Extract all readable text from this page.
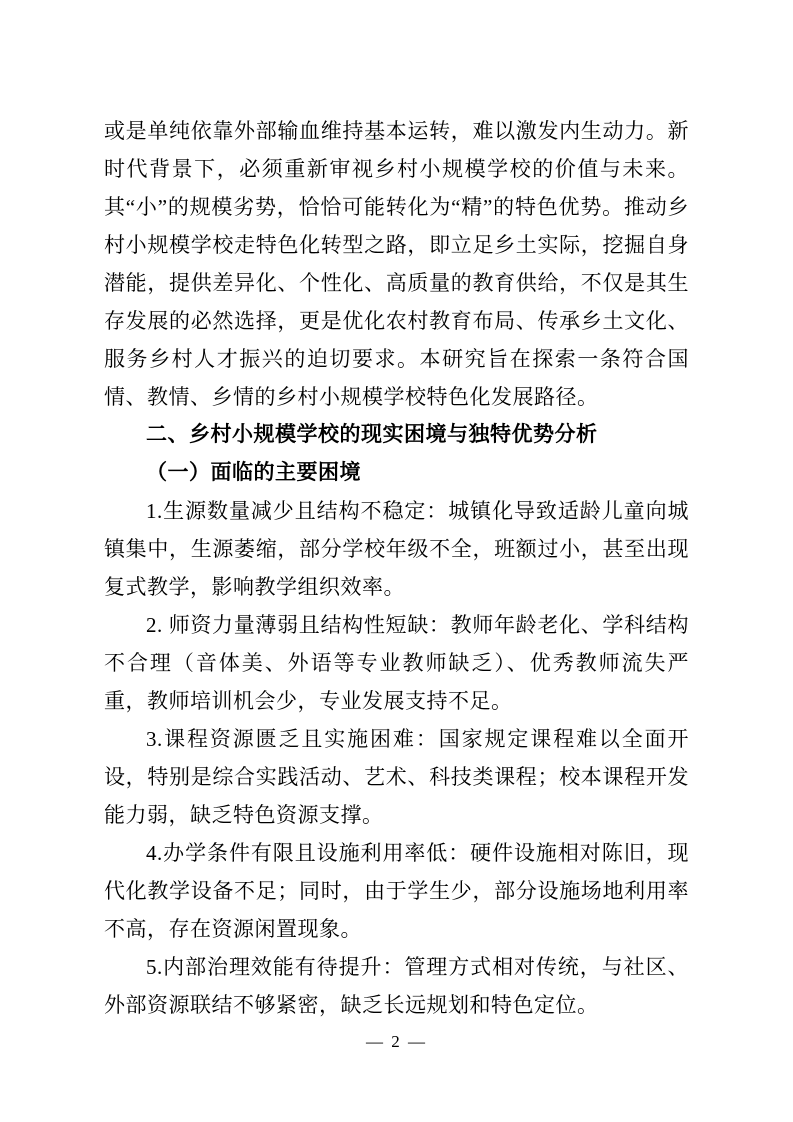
或是单纯依靠外部输血维持基本运转，难以激发内生动力。新时代背景下，必须重新审视乡村小规模学校的价值与未来。其“小”的规模劣势，恰恰可能转化为“精”的特色优势。推动乡村小规模学校走特色化转型之路，即立足乡土实际，挖掘自身潜能，提供差异化、个性化、高质量的教育供给，不仅是其生存发展的必然选择，更是优化农村教育布局、传承乡土文化、服务乡村人才振兴的迫切要求。本研究旨在探索一条符合国情、教情、乡情的乡村小规模学校特色化发展路径。

二、乡村小规模学校的现实困境与独特优势分析

（一）面临的主要困境

1.生源数量减少且结构不稳定：城镇化导致适龄儿童向城镇集中，生源萎缩，部分学校年级不全，班额过小，甚至出现复式教学，影响教学组织效率。

2. 师资力量薄弱且结构性短缺：教师年龄老化、学科结构不合理（音体美、外语等专业教师缺乏）、优秀教师流失严重，教师培训机会少，专业发展支持不足。

3.课程资源匮乏且实施困难：国家规定课程难以全面开设，特别是综合实践活动、艺术、科技类课程；校本课程开发能力弱，缺乏特色资源支撑。

4.办学条件有限且设施利用率低：硬件设施相对陈旧，现代化教学设备不足；同时，由于学生少，部分设施场地利用率不高，存在资源闲置现象。

5.内部治理效能有待提升：管理方式相对传统，与社区、外部资源联结不够紧密，缺乏长远规划和特色定位。

— 2 —
